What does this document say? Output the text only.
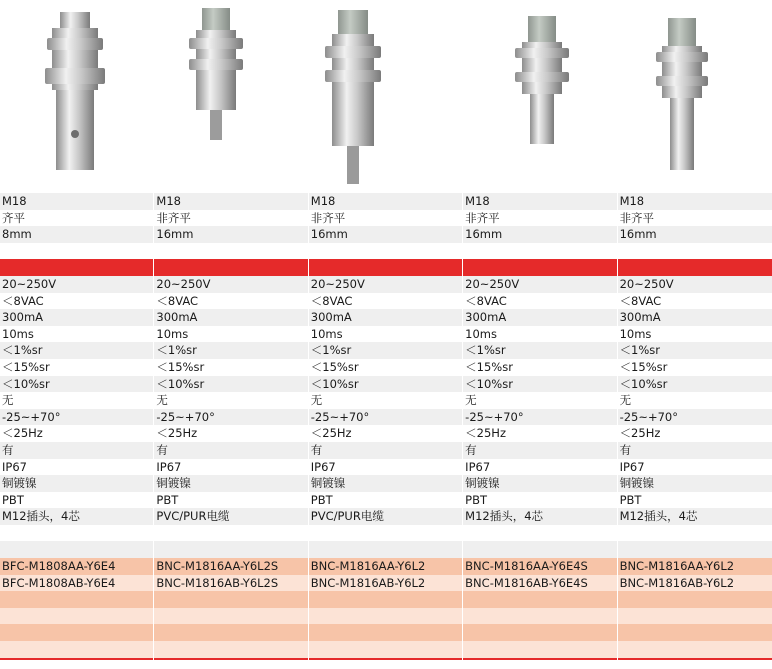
M18	M18	M18	M18	M18
齐平	非齐平	非齐平	非齐平	非齐平
8mm	16mm	16mm	16mm	16mm
20~250V	20~250V	20~250V	20~250V	20~250V
＜8VAC	＜8VAC	＜8VAC	＜8VAC	＜8VAC
300mA	300mA	300mA	300mA	300mA
10ms	10ms	10ms	10ms	10ms
＜1%sr	＜1%sr	＜1%sr	＜1%sr	＜1%sr
＜15%sr	＜15%sr	＜15%sr	＜15%sr	＜15%sr
＜10%sr	＜10%sr	＜10%sr	＜10%sr	＜10%sr
无	无	无	无	无
-25~+70°	-25~+70°	-25~+70°	-25~+70°	-25~+70°
＜25Hz	＜25Hz	＜25Hz	＜25Hz	＜25Hz
有	有	有	有	有
IP67	IP67	IP67	IP67	IP67
铜镀镍	铜镀镍	铜镀镍	铜镀镍	铜镀镍
PBT	PBT	PBT	PBT	PBT
M12插头，4芯	PVC/PUR电缆	PVC/PUR电缆	M12插头，4芯	M12插头，4芯
BFC-M1808AA-Y6E4	BNC-M1816AA-Y6L2S	BNC-M1816AA-Y6L2	BNC-M1816AA-Y6E4S	BNC-M1816AA-Y6L2
BFC-M1808AB-Y6E4	BNC-M1816AB-Y6L2S	BNC-M1816AB-Y6L2	BNC-M1816AB-Y6E4S	BNC-M1816AB-Y6L2
